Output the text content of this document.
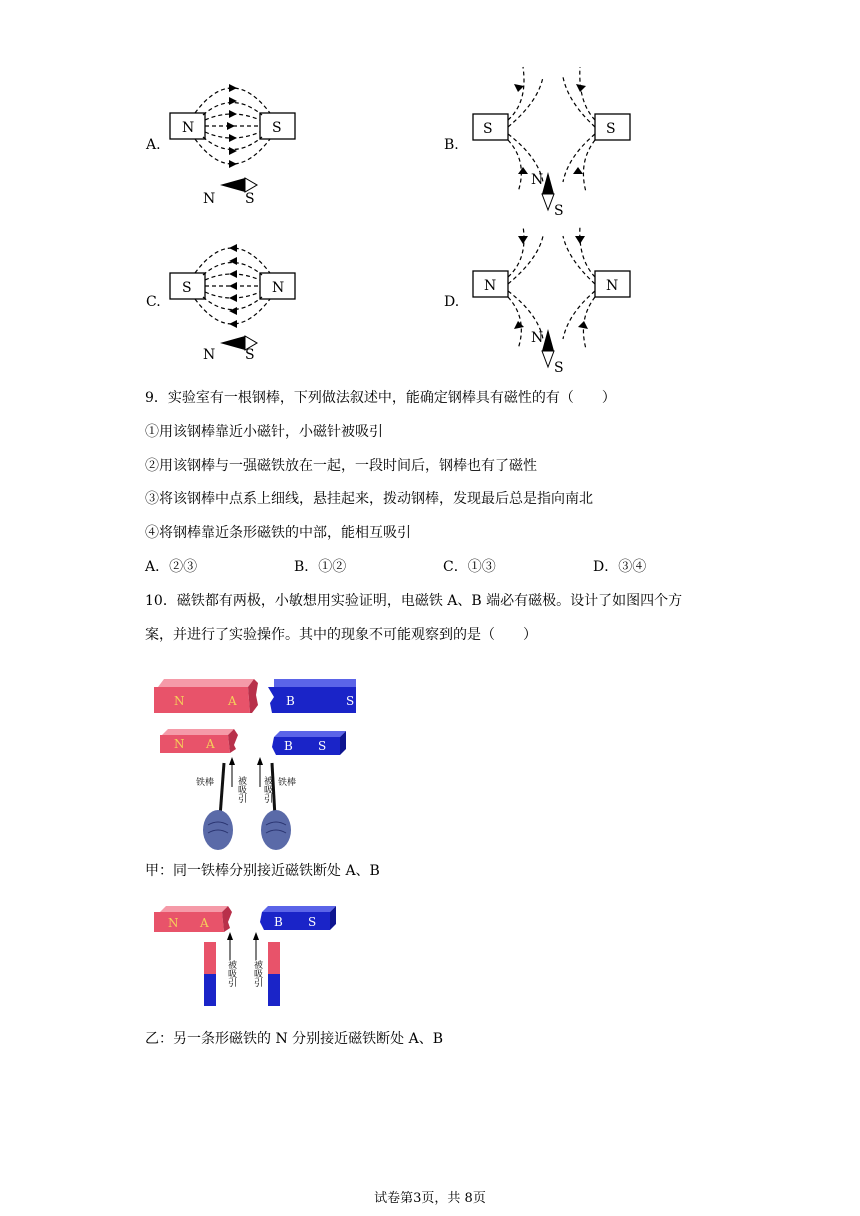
A.
N	S
N S
B.
S	S
N
S
C.
S	N
N S
D.
N	N
N
S
9．实验室有一根钢棒，下列做法叙述中，能确定钢棒具有磁性的有（　　）
①用该钢棒靠近小磁针，小磁针被吸引
②用该钢棒与一强磁铁放在一起，一段时间后，钢棒也有了磁性
③将该钢棒中点系上细线，悬挂起来，拨动钢棒，发现最后总是指向南北
④将钢棒靠近条形磁铁的中部，能相互吸引
A．②③	B．①②	C．①③	D．③④
10．磁铁都有两极，小敏想用实验证明，电磁铁 A、B 端必有磁极。设计了如图四个方
案，并进行了实验操作。其中的现象不可能观察到的是（　　）
N	A	B	S
N A	B S
铁棒	铁棒
被吸引 被吸引
甲：同一铁棒分别接近磁铁断处 A、B
N A	B S
被吸引 被吸引
乙：另一条形磁铁的 N 分别接近磁铁断处 A、B
试卷第3页，共 8页
